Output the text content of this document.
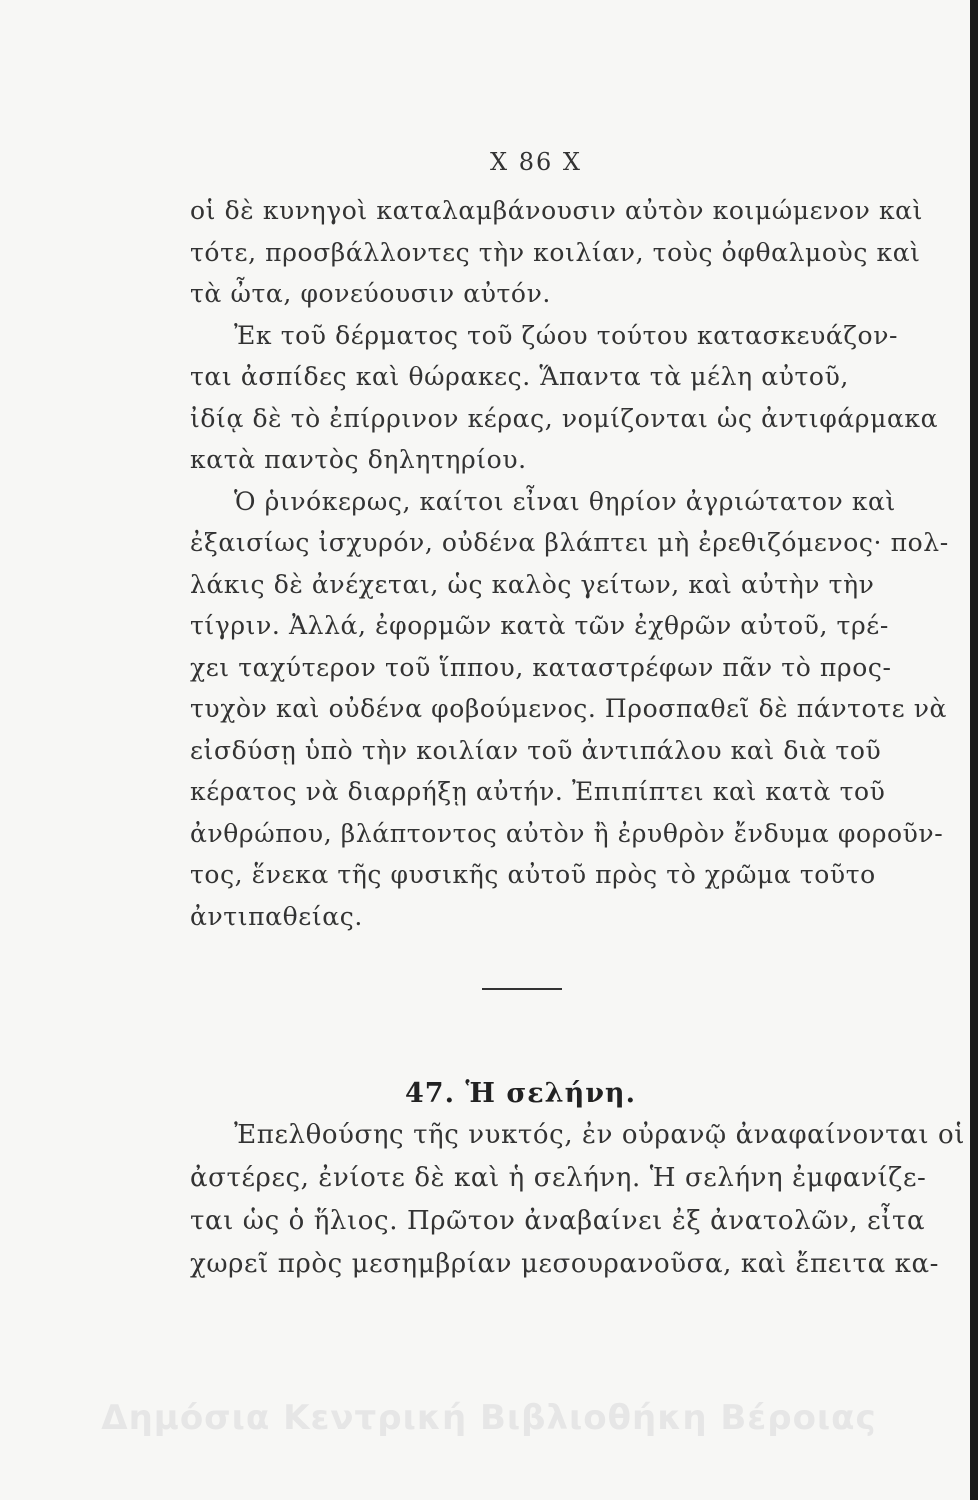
Χ 86 Χ
οἱ δὲ κυνηγοὶ καταλαμβάνουσιν αὐτὸν κοιμώμενον καὶ
τότε, προσβάλλοντες τὴν κοιλίαν, τοὺς ὀφθαλμοὺς καὶ
τὰ ὦτα, φονεύουσιν αὐτόν.
Ἐκ τοῦ δέρματος τοῦ ζώου τούτου κατασκευάζον-
ται ἀσπίδες καὶ θώρακες. Ἅπαντα τὰ μέλη αὐτοῦ,
ἰδίᾳ δὲ τὸ ἐπίρρινον κέρας, νομίζονται ὡς ἀντιφάρμακα
κατὰ παντὸς δηλητηρίου.
Ὁ ῥινόκερως, καίτοι εἶναι θηρίον ἀγριώτατον καὶ
ἐξαισίως ἰσχυρόν, οὐδένα βλάπτει μὴ ἐρεθιζόμενος· πολ-
λάκις δὲ ἀνέχεται, ὡς καλὸς γείτων, καὶ αὐτὴν τὴν
τίγριν. Ἀλλά, ἐφορμῶν κατὰ τῶν ἐχθρῶν αὐτοῦ, τρέ-
χει ταχύτερον τοῦ ἵππου, καταστρέφων πᾶν τὸ προς-
τυχὸν καὶ οὐδένα φοβούμενος. Προσπαθεῖ δὲ πάντοτε νὰ
εἰσδύσῃ ὑπὸ τὴν κοιλίαν τοῦ ἀντιπάλου καὶ διὰ τοῦ
κέρατος νὰ διαρρήξῃ αὐτήν. Ἐπιπίπτει καὶ κατὰ τοῦ
ἀνθρώπου, βλάπτοντος αὐτὸν ἢ ἐρυθρὸν ἔνδυμα φοροῦν-
τος, ἕνεκα τῆς φυσικῆς αὐτοῦ πρὸς τὸ χρῶμα τοῦτο
ἀντιπαθείας.
47. Ἡ σελήνη.
Ἐπελθούσης τῆς νυκτός, ἐν οὐρανῷ ἀναφαίνονται οἱ
ἀστέρες, ἐνίοτε δὲ καὶ ἡ σελήνη. Ἡ σελήνη ἐμφανίζε-
ται ὡς ὁ ἥλιος. Πρῶτον ἀναβαίνει ἐξ ἀνατολῶν, εἶτα
χωρεῖ πρὸς μεσημβρίαν μεσουρανοῦσα, καὶ ἔπειτα κα-
Δημόσια Κεντρική Βιβλιοθήκη Βέροιας
